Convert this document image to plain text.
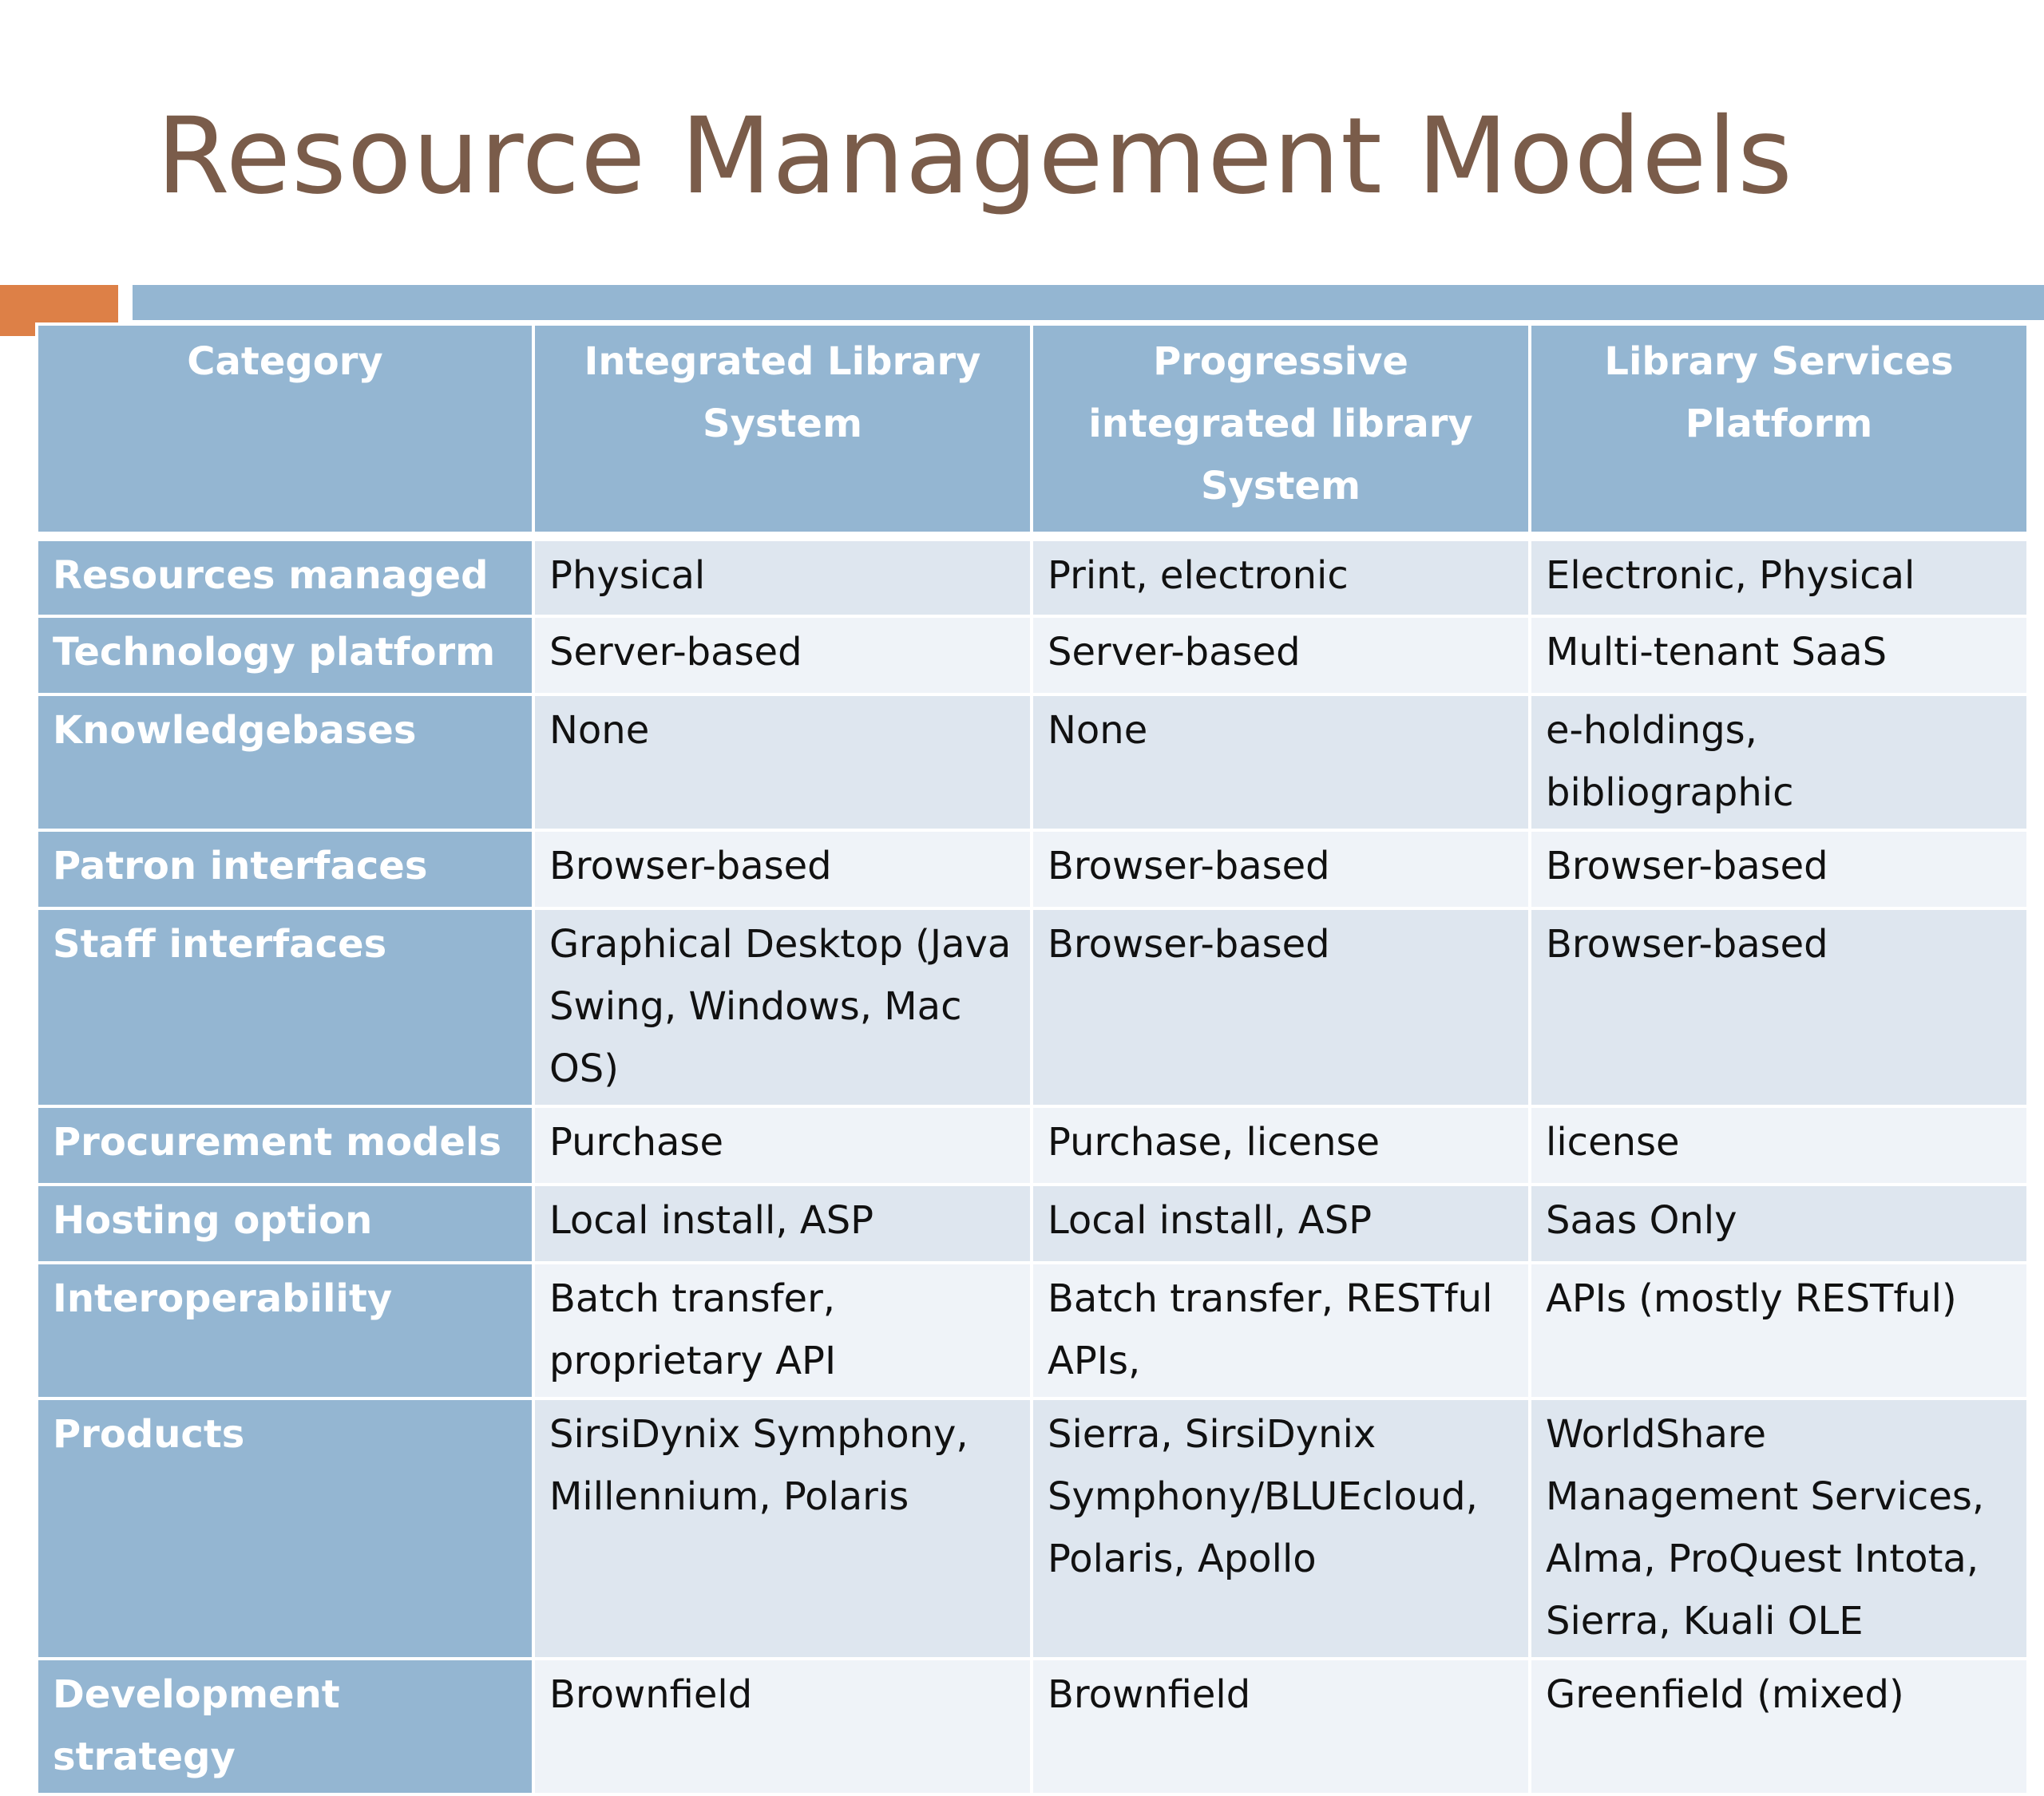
Resource Management Models
Category	Integrated Library System	Progressive integrated library System	Library Services Platform
Resources managed	Physical	Print, electronic	Electronic, Physical
Technology platform	Server-based	Server-based	Multi-tenant SaaS
Knowledgebases	None	None	e-holdings, bibliographic
Patron interfaces	Browser-based	Browser-based	Browser-based
Staff interfaces	Graphical Desktop (Java Swing, Windows, Mac OS)	Browser-based	Browser-based
Procurement models	Purchase	Purchase, license	license
Hosting option	Local install, ASP	Local install, ASP	Saas Only
Interoperability	Batch transfer, proprietary API	Batch transfer, RESTful APIs,	APIs (mostly RESTful)
Products	SirsiDynix Symphony, Millennium, Polaris	Sierra, SirsiDynix Symphony/BLUEcloud, Polaris, Apollo	WorldShare Management Services, Alma, ProQuest Intota, Sierra, Kuali OLE
Development strategy	Brownfield	Brownfield	Greenfield (mixed)
